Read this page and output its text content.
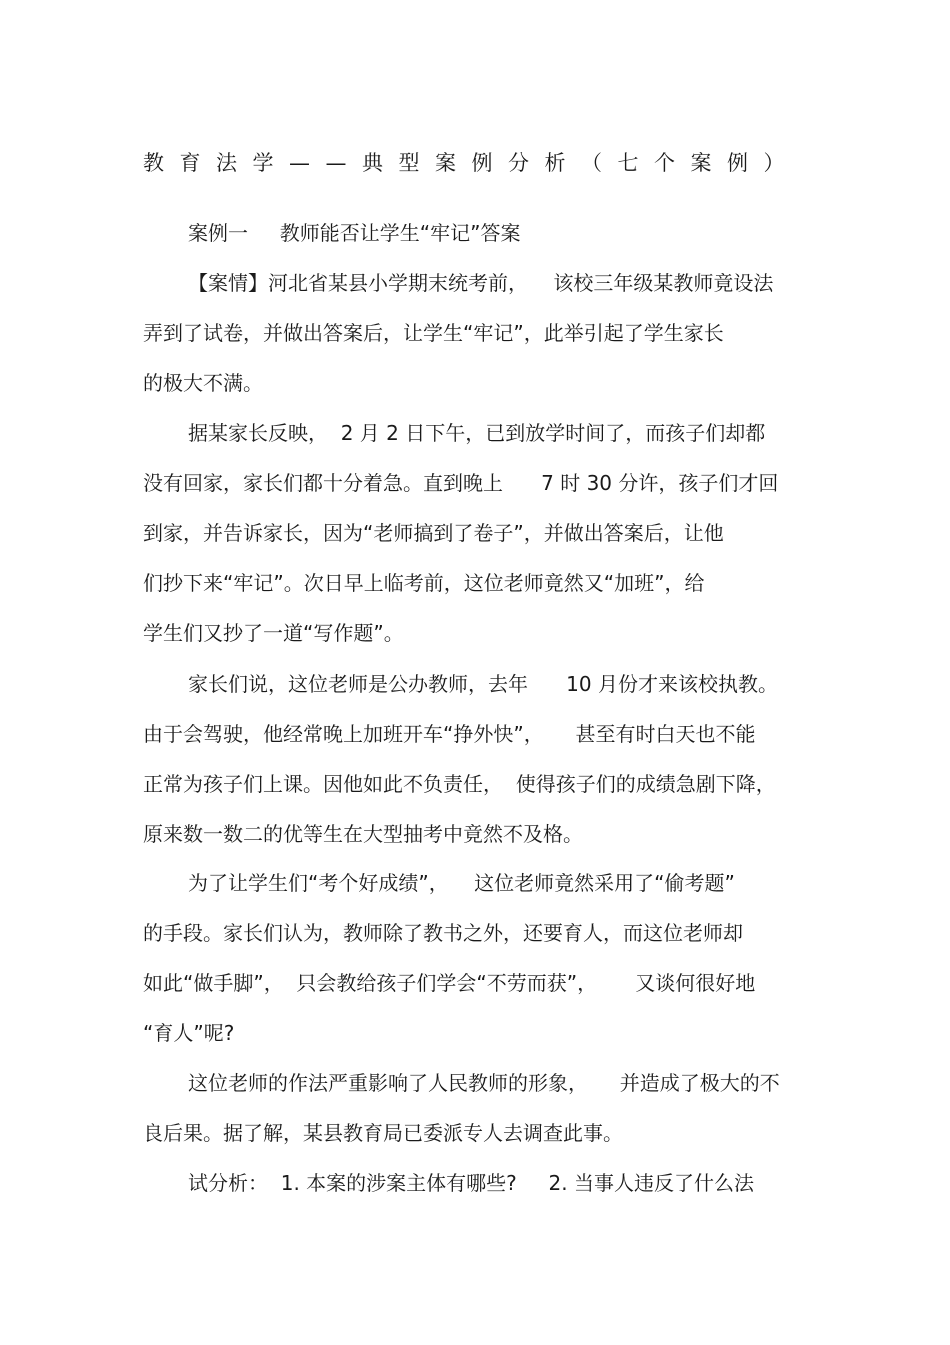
教育法学——典型案例分析（七个案例）
案例一     教师能否让学生“牢记”答案
【案情】河北省某县小学期末统考前，    该校三年级某教师竟设法
弄到了试卷，并做出答案后，让学生“牢记”，此举引起了学生家长
的极大不满。
据某家长反映，  2 月 2 日下午，已到放学时间了，而孩子们却都
没有回家，家长们都十分着急。直到晚上      7 时 30 分许，孩子们才回
到家，并告诉家长，因为“老师搞到了卷子”，并做出答案后，让他
们抄下来“牢记”。次日早上临考前，这位老师竟然又“加班”，给
学生们又抄了一道“写作题”。
家长们说，这位老师是公办教师，去年      10 月份才来该校执教。
由于会驾驶，他经常晚上加班开车“挣外快”，     甚至有时白天也不能
正常为孩子们上课。因他如此不负责任，  使得孩子们的成绩急剧下降，
原来数一数二的优等生在大型抽考中竟然不及格。
为了让学生们“考个好成绩”，    这位老师竟然采用了“偷考题”
的手段。家长们认为，教师除了教书之外，还要育人，而这位老师却
如此“做手脚”，  只会教给孩子们学会“不劳而获”，      又谈何很好地
“育人”呢?
这位老师的作法严重影响了人民教师的形象，     并造成了极大的不
良后果。据了解，某县教育局已委派专人去调查此事。
试分析：  1. 本案的涉案主体有哪些?     2. 当事人违反了什么法
